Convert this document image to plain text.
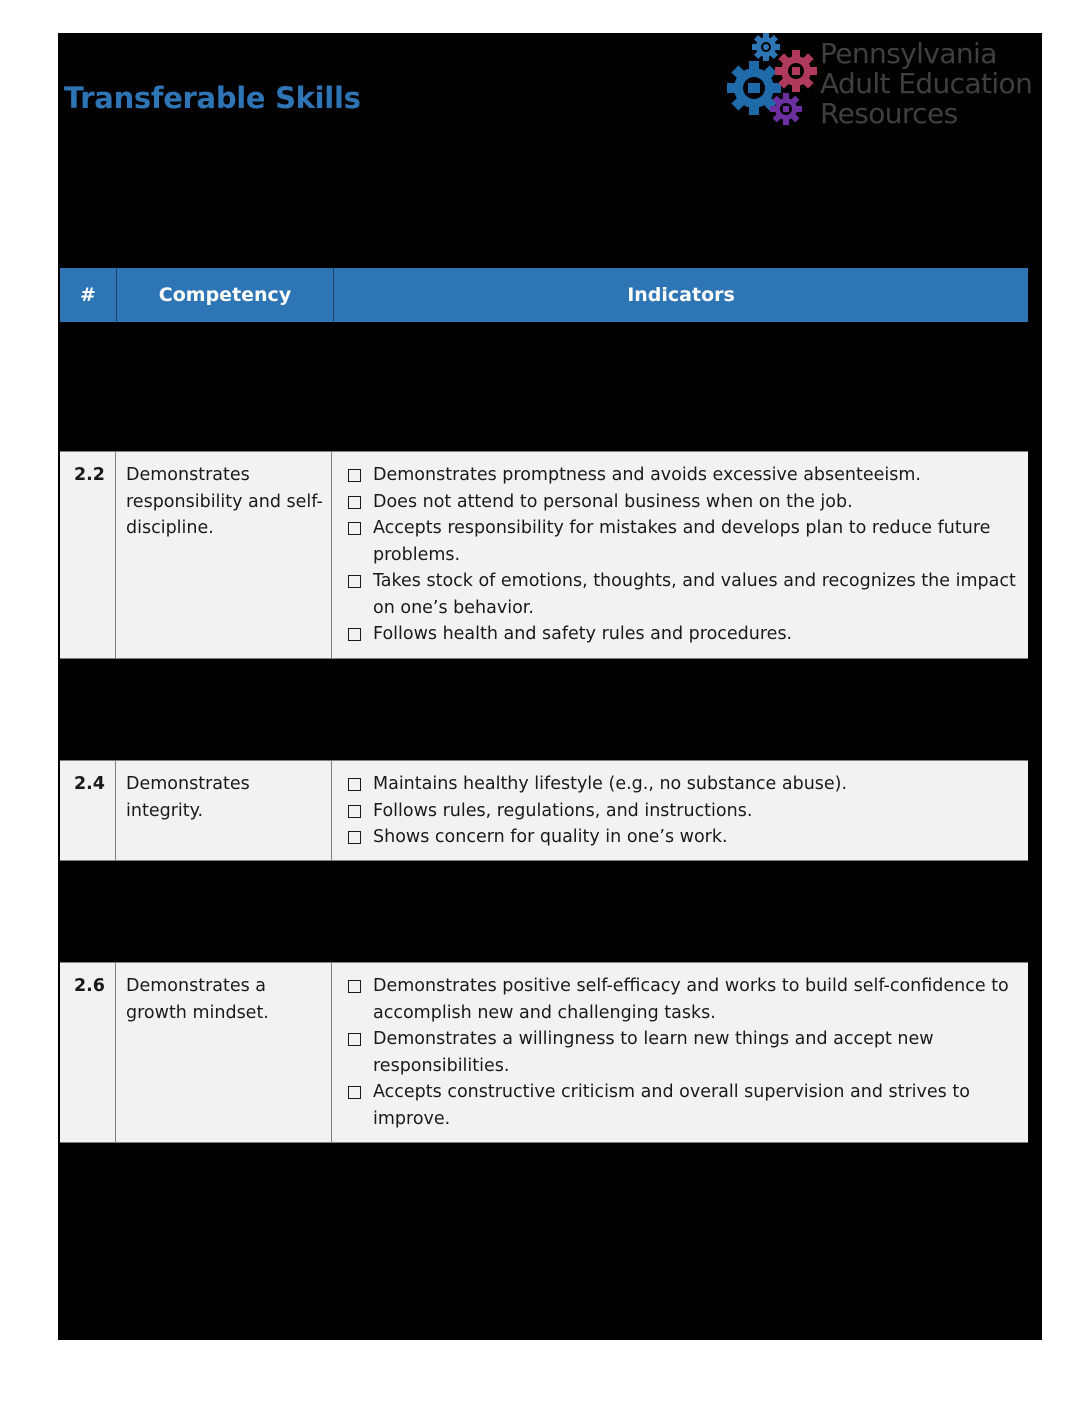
Transferable Skills
Pennsylvania
Adult Education
Resources
#	Competency	Indicators
2.2	Demonstrates responsibility and self-discipline.
Demonstrates promptness and avoids excessive absenteeism.
Does not attend to personal business when on the job.
Accepts responsibility for mistakes and develops plan to reduce future problems.
Takes stock of emotions, thoughts, and values and recognizes the impact on one’s behavior.
Follows health and safety rules and procedures.
2.4	Demonstrates integrity.
Maintains healthy lifestyle (e.g., no substance abuse).
Follows rules, regulations, and instructions.
Shows concern for quality in one’s work.
2.6	Demonstrates a growth mindset.
Demonstrates positive self-efficacy and works to build self-confidence to accomplish new and challenging tasks.
Demonstrates a willingness to learn new things and accept new responsibilities.
Accepts constructive criticism and overall supervision and strives to improve.
